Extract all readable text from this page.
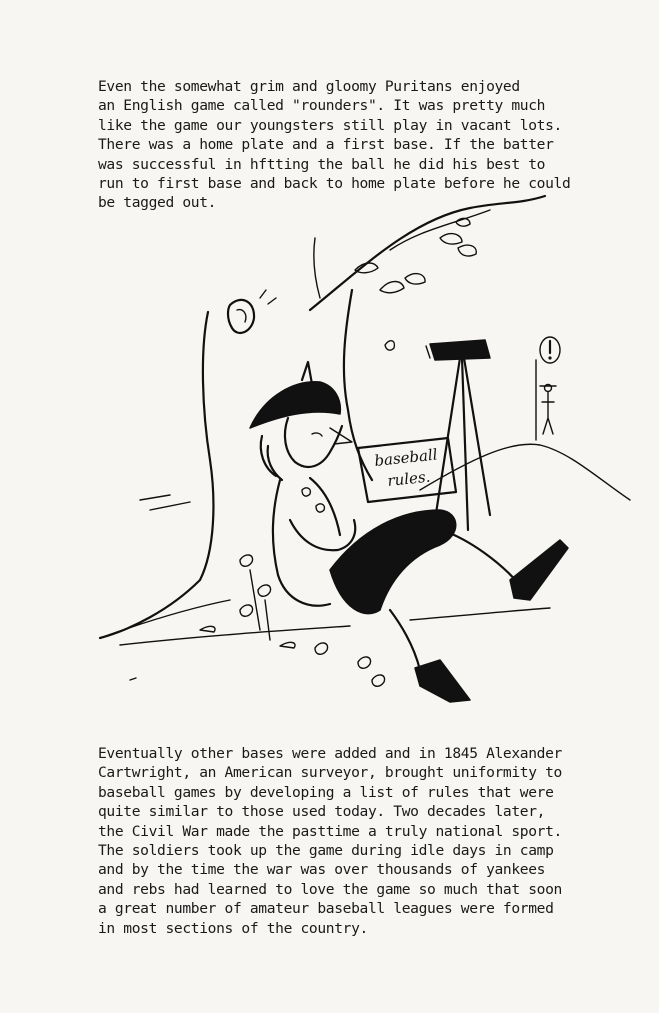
Even the somewhat grim and gloomy Puritans enjoyed
an English game called "rounders". It was pretty much
like the game our youngsters still play in vacant lots.
There was a home plate and a first base. If the batter
was successful in hftting the ball he did his best to
run to first base and back to home plate before he could
be tagged out.
baseball
rules.
Eventually other bases were added and in 1845 Alexander
Cartwright, an American surveyor, brought uniformity to
baseball games by developing a list of rules that were
quite similar to those used today. Two decades later,
the Civil War made the pasttime a truly national sport.
The soldiers took up the game during idle days in camp
and by the time the war was over thousands of yankees
and rebs had learned to love the game so much that soon
a great number of amateur baseball leagues were formed
in most sections of the country.
